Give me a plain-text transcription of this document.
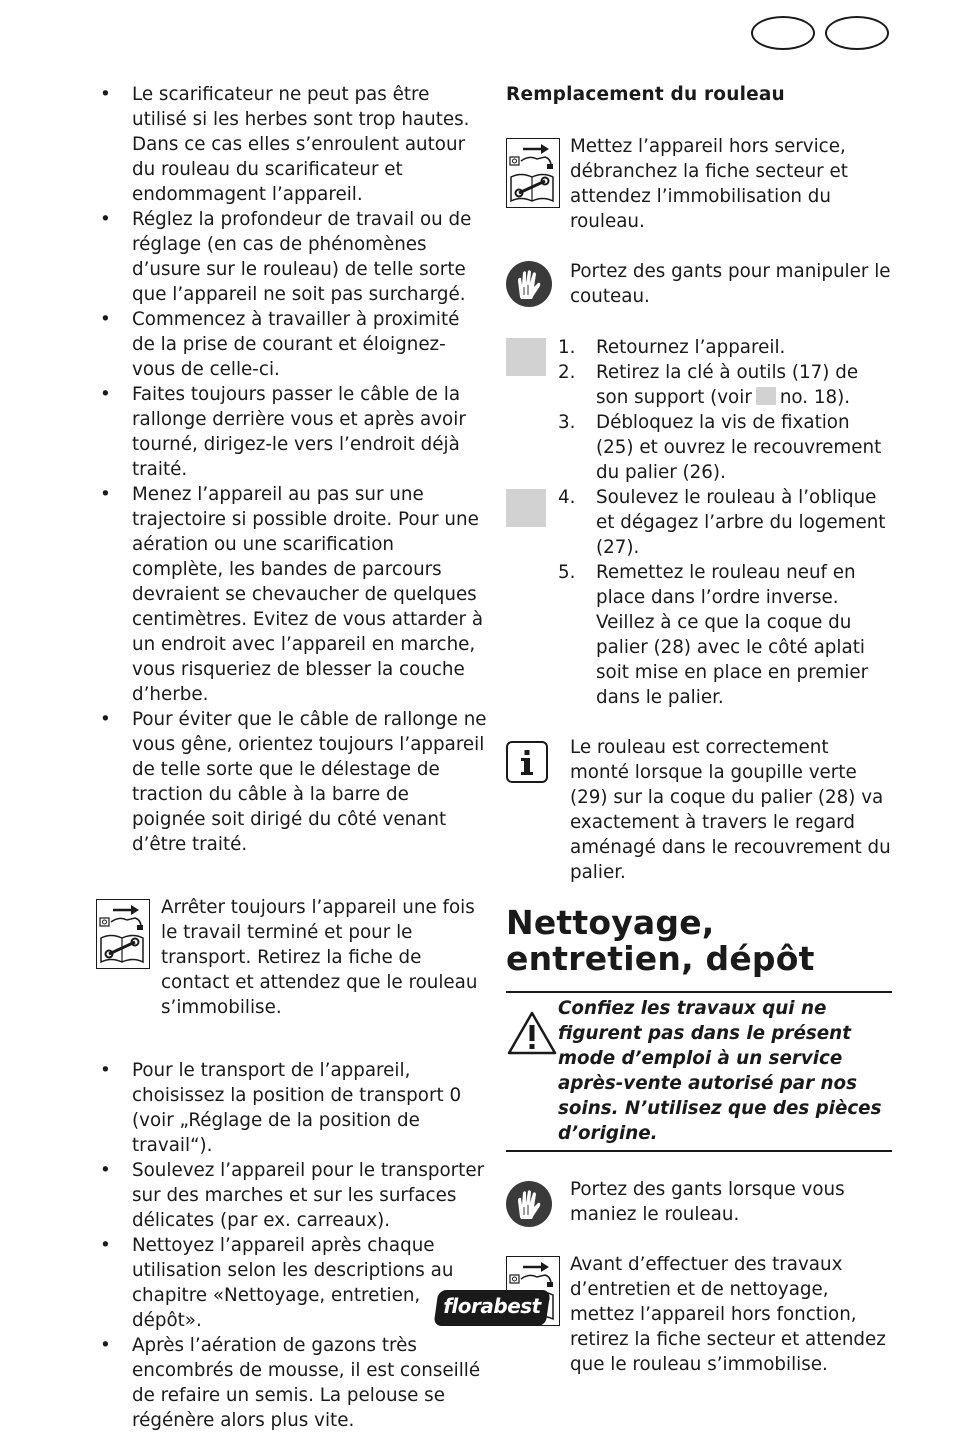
• Le scarificateur ne peut pas être utilisé si les herbes sont trop hautes. Dans ce cas elles s’enroulent autour du rouleau du scarificateur et endommagent l’appareil.
• Réglez la profondeur de travail ou de réglage (en cas de phénomènes d’usure sur le rouleau) de telle sorte que l’appareil ne soit pas surchargé.
• Commencez à travailler à proximité de la prise de courant et éloignez-vous de celle-ci.
• Faites toujours passer le câble de la rallonge derrière vous et après avoir tourné, dirigez-le vers l’endroit déjà traité.
• Menez l’appareil au pas sur une trajectoire si possible droite. Pour une aération ou une scarification complète, les bandes de parcours devraient se chevaucher de quelques centimètres. Evitez de vous attarder à un endroit avec l’appareil en marche, vous risqueriez de blesser la couche d’herbe.
• Pour éviter que le câble de rallonge ne vous gêne, orientez toujours l’appareil de telle sorte que le délestage de traction du câble à la barre de poignée soit dirigé du côté venant d’être traité.
Arrêter toujours l’appareil une fois le travail terminé et pour le transport. Retirez la fiche de contact et attendez que le rouleau s’immobilise.
• Pour le transport de l’appareil, choisissez la position de transport 0 (voir „Réglage de la position de travail“).
• Soulevez l’appareil pour le transporter sur des marches et sur les surfaces délicates (par ex. carreaux).
• Nettoyez l’appareil après chaque utilisation selon les descriptions au chapitre «Nettoyage, entretien, dépôt».
• Après l’aération de gazons très encombrés de mousse, il est conseillé de refaire un semis. La pelouse se régénère alors plus vite.
Remplacement du rouleau
Mettez l’appareil hors service, débranchez la fiche secteur et attendez l’immobilisation du rouleau.
Portez des gants pour manipuler le couteau.
1. Retournez l’appareil.
2. Retirez la clé à outils (17) de son support (voir no. 18).
3. Débloquez la vis de fixation (25) et ouvrez le recouvrement du palier (26).
4. Soulevez le rouleau à l’oblique et dégagez l’arbre du logement (27).
5. Remettez le rouleau neuf en place dans l’ordre inverse. Veillez à ce que la coque du palier (28) avec le côté aplati soit mise en place en premier dans le palier.
Le rouleau est correctement monté lorsque la goupille verte (29) sur la coque du palier (28) va exactement à travers le regard aménagé dans le recouvrement du palier.
Nettoyage, entretien, dépôt
Confiez les travaux qui ne figurent pas dans le présent mode d’emploi à un service après-vente autorisé par nos soins. N’utilisez que des pièces d’origine.
Portez des gants lorsque vous maniez le rouleau.
Avant d’effectuer des travaux d’entretien et de nettoyage, mettez l’appareil hors fonction, retirez la fiche secteur et attendez que le rouleau s’immobilise.
florabest
